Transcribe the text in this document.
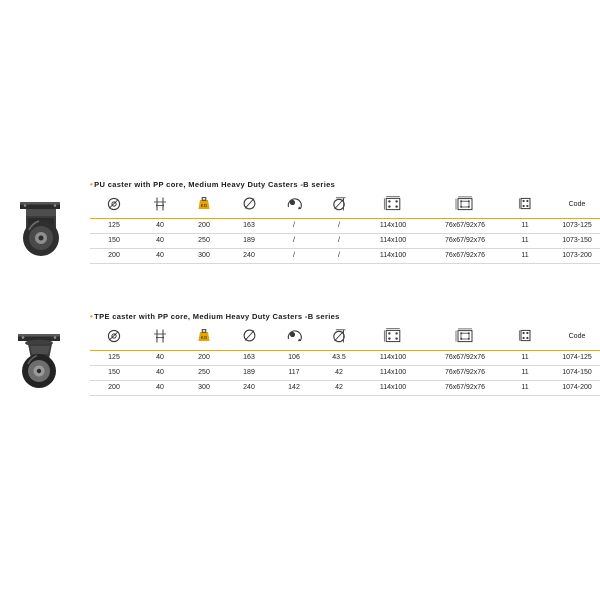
•PU caster with PP core, Medium Heavy Duty Casters -B series

KG							Code
125	40	200	163	/	/	114x100	76x67/92x76	11	1073-125
150	40	250	189	/	/	114x100	76x67/92x76	11	1073-150
200	40	300	240	/	/	114x100	76x67/92x76	11	1073-200
•TPE caster with PP core, Medium Heavy Duty Casters -B series

KG							Code
125	40	200	163	106	43.5	114x100	76x67/92x76	11	1074-125
150	40	250	189	117	42	114x100	76x67/92x76	11	1074-150
200	40	300	240	142	42	114x100	76x67/92x76	11	1074-200
